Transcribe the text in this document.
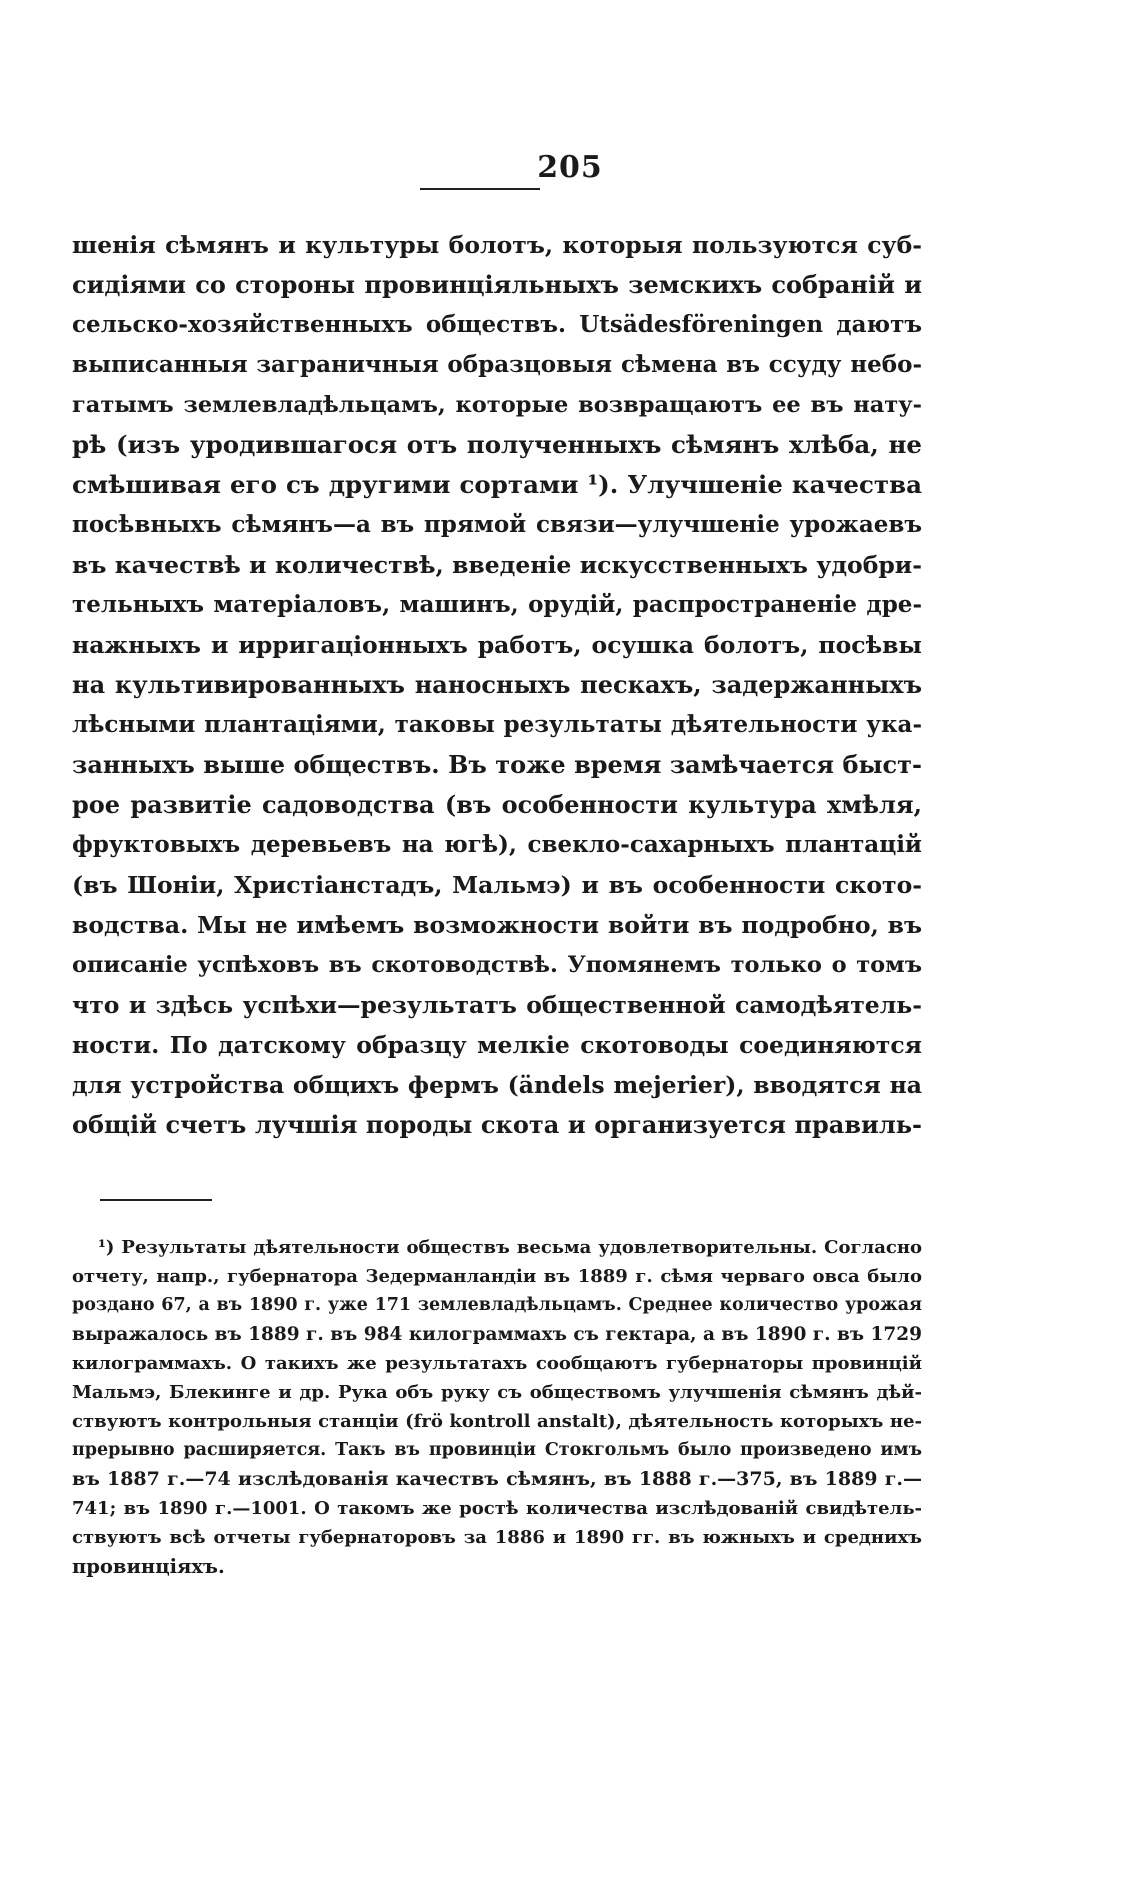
205
шенія сѣмянъ и культуры болотъ, которыя пользуются суб-
сидіями со стороны провинціяльныхъ земскихъ собраній и
сельско-хозяйственныхъ обществъ. Utsädesföreningen даютъ
выписанныя заграничныя образцовыя сѣмена въ ссуду небо-
гатымъ землевладѣльцамъ, которые возвращаютъ ее въ нату-
рѣ (изъ уродившагося отъ полученныхъ сѣмянъ хлѣба, не
смѣшивая его съ другими сортами ¹). Улучшеніе качества
посѣвныхъ сѣмянъ—а въ прямой связи—улучшеніе урожаевъ
въ качествѣ и количествѣ, введеніе искусственныхъ удобри-
тельныхъ матеріаловъ, машинъ, орудій, распространеніе дре-
нажныхъ и ирригаціонныхъ работъ, осушка болотъ, посѣвы
на культивированныхъ наносныхъ пескахъ, задержанныхъ
лѣсными плантаціями, таковы результаты дѣятельности ука-
занныхъ выше обществъ. Въ тоже время замѣчается быст-
рое развитіе садоводства (въ особенности культура хмѣля,
фруктовыхъ деревьевъ на югѣ), свекло-сахарныхъ плантацій
(въ Шоніи, Христіанстадъ, Мальмэ) и въ особенности ското-
водства. Мы не имѣемъ возможности войти въ подробно, въ
описаніе успѣховъ въ скотоводствѣ. Упомянемъ только о томъ
что и здѣсь успѣхи—результатъ общественной самодѣятель-
ности. По датскому образцу мелкіе скотоводы соединяются
для устройства общихъ фермъ (ändels mejerier), вводятся на
общій счетъ лучшія породы скота и организуется правиль-
¹) Результаты дѣятельности обществъ весьма удовлетворительны. Согласно
отчету, напр., губернатора Зедерманландіи въ 1889 г. сѣмя черваго овса было
роздано 67, а въ 1890 г. уже 171 землевладѣльцамъ. Среднее количество урожая
выражалось въ 1889 г. въ 984 килограммахъ съ гектара, а въ 1890 г. въ 1729
килограммахъ. О такихъ же результатахъ сообщаютъ губернаторы провинцій
Мальмэ, Блекинге и др. Рука объ руку съ обществомъ улучшенія сѣмянъ дѣй-
ствуютъ контрольныя станціи (frö kontroll anstalt), дѣятельность которыхъ не-
прерывно расширяется. Такъ въ провинціи Стокгольмъ было произведено имъ
въ 1887 г.—74 изслѣдованія качествъ сѣмянъ, въ 1888 г.—375, въ 1889 г.—
741; въ 1890 г.—1001. О такомъ же ростѣ количества изслѣдованій свидѣтель-
ствуютъ всѣ отчеты губернаторовъ за 1886 и 1890 гг. въ южныхъ и среднихъ
провинціяхъ.
